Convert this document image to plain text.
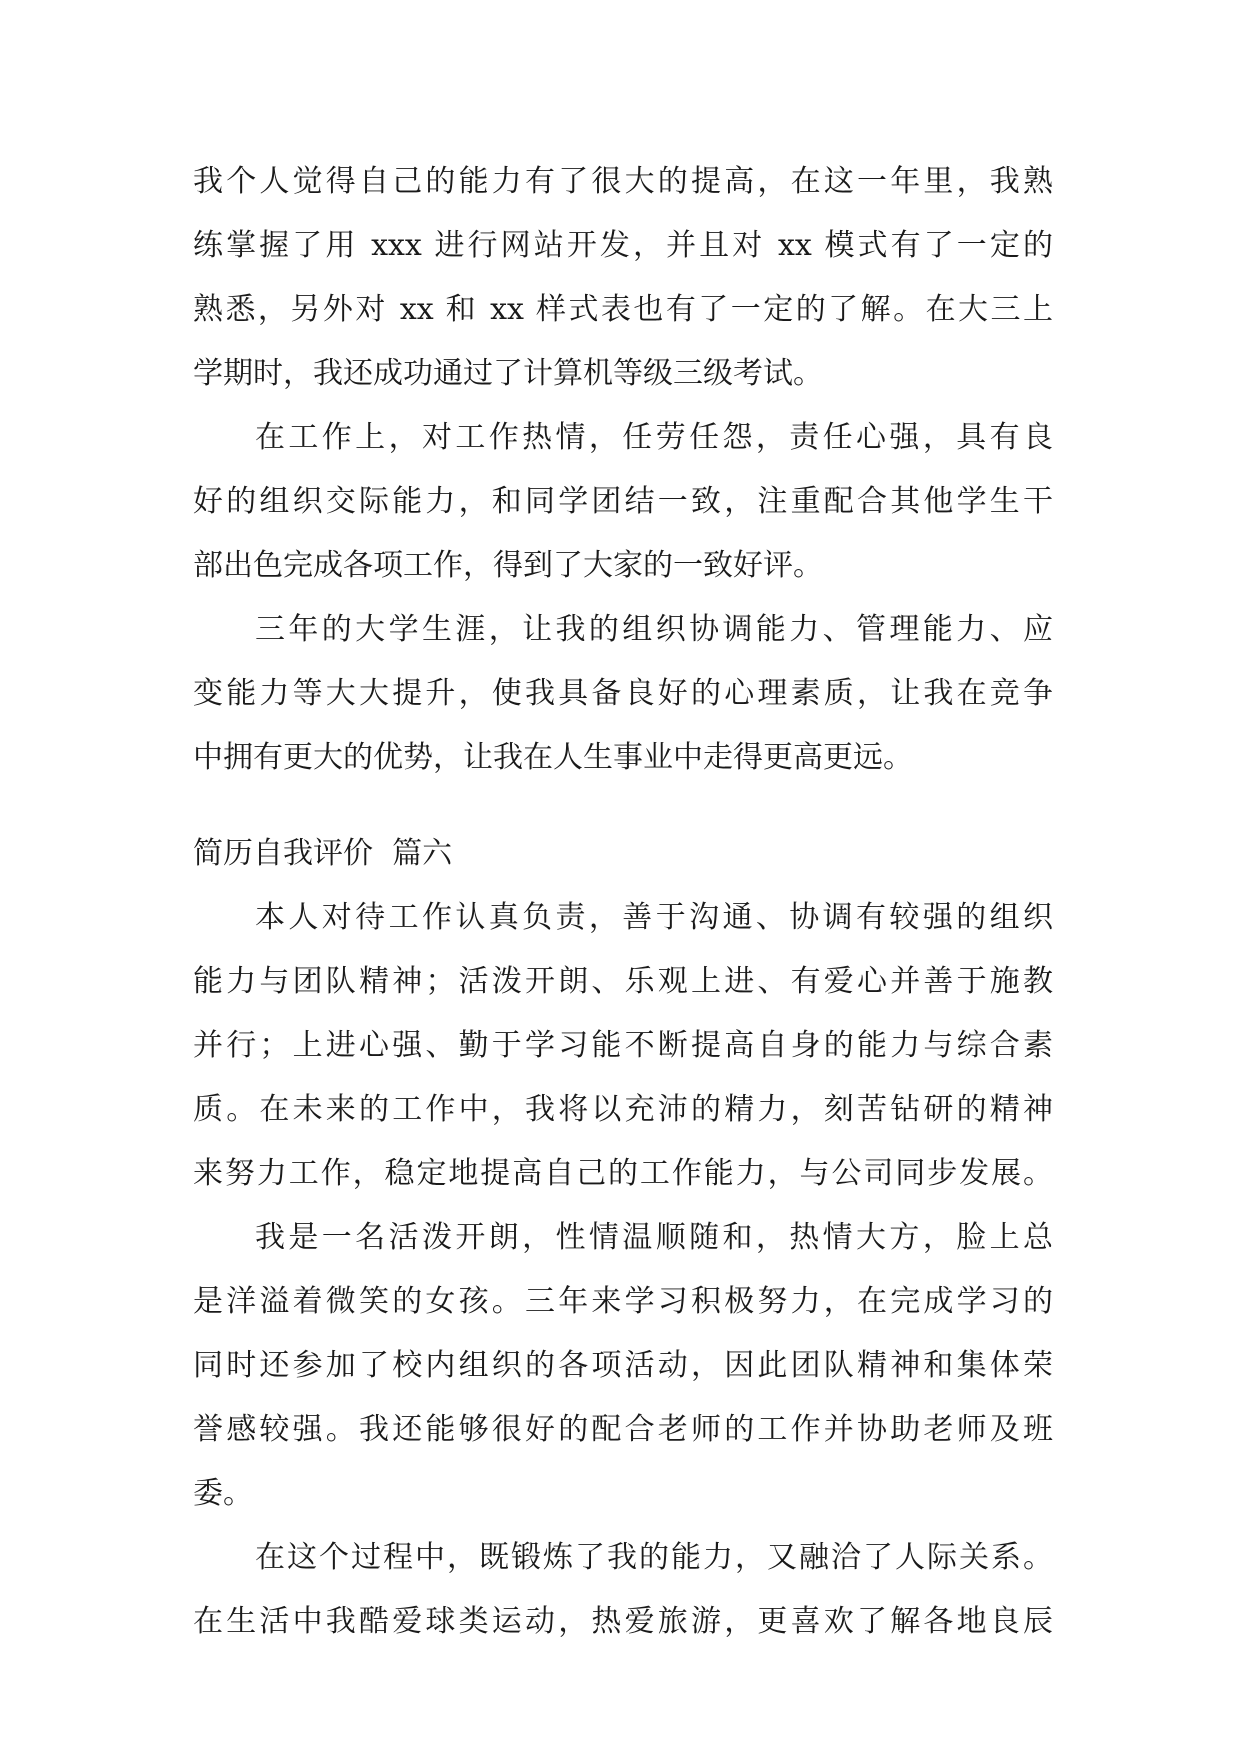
我个人觉得自己的能力有了很大的提高，在这一年里，我熟
练掌握了用 xxx 进行网站开发，并且对 xx 模式有了一定的
熟悉，另外对 xx 和 xx 样式表也有了一定的了解。在大三上
学期时，我还成功通过了计算机等级三级考试。
在工作上，对工作热情，任劳任怨，责任心强，具有良
好的组织交际能力，和同学团结一致，注重配合其他学生干
部出色完成各项工作，得到了大家的一致好评。
三年的大学生涯，让我的组织协调能力、管理能力、应
变能力等大大提升，使我具备良好的心理素质，让我在竞争
中拥有更大的优势，让我在人生事业中走得更高更远。
简历自我评价  篇六
本人对待工作认真负责，善于沟通、协调有较强的组织
能力与团队精神；活泼开朗、乐观上进、有爱心并善于施教
并行；上进心强、勤于学习能不断提高自身的能力与综合素
质。在未来的工作中，我将以充沛的精力，刻苦钻研的精神
来努力工作，稳定地提高自己的工作能力，与公司同步发展。
我是一名活泼开朗，性情温顺随和，热情大方，脸上总
是洋溢着微笑的女孩。三年来学习积极努力，在完成学习的
同时还参加了校内组织的各项活动，因此团队精神和集体荣
誉感较强。我还能够很好的配合老师的工作并协助老师及班
委。
在这个过程中，既锻炼了我的能力，又融洽了人际关系。
在生活中我酷爱球类运动，热爱旅游，更喜欢了解各地良辰
